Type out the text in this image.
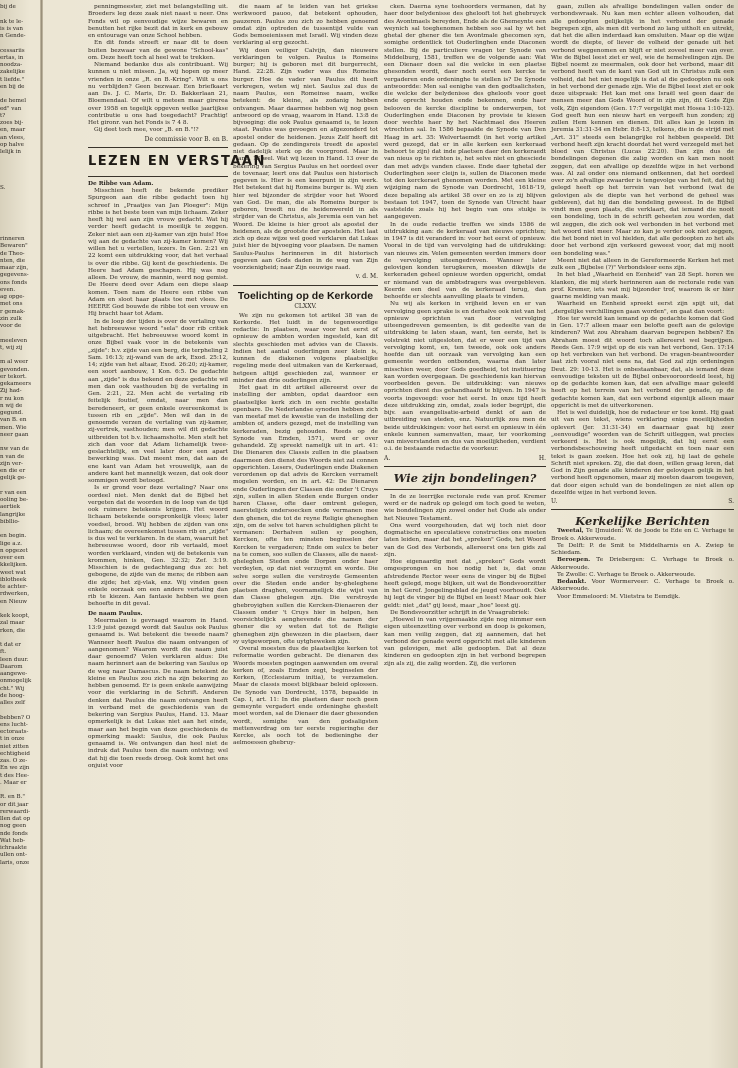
bij de

nk te le-

is is van

n Gende-

cessariis

ertas, in

noodza-

zakelijke

t liefde."

en bij de

de hemel

ed" van

t?

zoes bij-

en, maar

an vlees,

op halve

lelijk in

S.

rinneren

Bewaren"

de Theo-

nten, die

maar zijn,

gegevens-

ons fonds

even.

ag opge-

met ons

r gemak-

zin zulk

voor de

meeleven

t, wij zij

m al weer

gevonden.

er tekort.

gekameers

Zij had-

r nu kon

n wij de

gegund.

van B. en

men. Wie

neer gaan

nw van de

n van de

zijn ver-

en die er

gelijk ge-

r van een

ooling be-

aertiek

langrijke

bibllio-

en begin.

lige a.z.

n opgezet

over een

kkelijken.

weet wat

iblotheek

te achter-

rdwerken,

en Nieuw

kek koopt,

zal maar

rken, die

t dat er

ft.

leen duur.

Daarom

aangewe-

onmogelijk

cht." Wij

de hoog-

alles zelf

bebben? O

ens lucht-

ectoraats-

t in onze

niet zitten

echtigheid

zas. O ze-

En we zijn

t des Hee-

. Maar er

R. en B."

or dit jaar

rerwaardi-

llen dat op

nog geen

nde fonds

Wat heb-

ichraakte

ullen ont-

laris, onze

penningmeester, ziet met belangstelling uit. Broeders leg deze zaak niet naast u neer. Ons Fonds wil op eenvoudige wijze bewaren en benutten het rijke bezit dat in kerk en gebouw en entourage van onze School hebben.

En dit fonds streeft er naar dit te doen buiten bezwaar van de gewone "School-kas" om. Deze heeft toch al heel wat te trekken.

Niemand bedanke dus als contribuant. Wij kunnen u niet missen. Ja, wij hopen op meer vrienden in onze „R. en B.-Kring". Wilt u ons nu verblijden? Geen bezwaar. Een briefkaart aan Ds. J. C. Maris, Dr. D. Bakkerlaan 21, Bloemendaal. Of wilt u meteen maar girerea over 1958 en tegelijk opgeven welke jaarlijkse contributie u ons had toegedacht? Prachtig! Het gironr. van het Fonds is 7 4 8.

Gij deet toch mee, voor „B. en B."!?

De commissie voor B. en B.
LEZEN EN VERSTAAN

De Ribbe van Adam.

Misschien heeft de bekende prediker Spurgeon aan die ribbe gedacht toen hij schreef in „Praatjes van Jan Ploeger": Mijn ribbe is het beste teen van mijn lichaam. Zeker heeft hij wel aan zijn vrouw gedacht. Wat hij verder heeft gedacht is moeilijk te zeggen. Zeker niet aan een zij-kamer van zijn huis! Hoe wij aan de gedachte van zij-kamer komen? Wij willen het u vertellen, lezers. In Gen. 2:21 en 22 komt een uitdrukking voor, dat het verhaal is over die ribbe. Gij kent de geschiedenis. De Heere had Adam geschapen. Hij was nog alleen. De vrouw, de mannin, werd nog gemist. De Heere deed over Adam een diepe slaap komen. Toen nam de Heere een ribbe van Adam en sloot haar plaats toe met vlees. De HEERE God bouwde de ribbe tot een vrouw en Hij bracht haar tot Adam.

In de loop der tijden is over de vertaling van het hebreeuwse woord "sela" door rib critiek uitgebracht. Het hebreeuwse woord komt in onze Bijbel vaak voor in de betekenis van „zijde": b.v. zijde van een berg, die terpheling 2 Sam. 16:13; zij-wand van de ark, Exod. 25:12, 14; zijde van het altaar, Exod. 26:20; zij-kamer, een soort aanbouw, 1 Kon. 6:5. De gedachte aan „zijde" is dus bekend en deze gedachte wil men dan ook vasthouden bij de vertaling in Gen. 2:21, 22. Men acht de vertaling rib feitelijk foutief, omdat, naar men dan beredeneert, er geen enkele overeenkomst is tussen rib en „zijde". Men wil dan in de genoemde verzen de vertaling van zij-kamer, zij-vertrek, vasthouden; men wil dit gedachte uitbreiden tot b.v. lichaamsholte. Men stelt het zich dan voor dat Adam lichamelijk twee-geslachtelijk, en veel later door een apart bewerking was. Dat meent men, dat aan de ene kant van Adam het vrouwelijk, aan de andere kant het mannelijk wezen, dat ook door sommigen wordt betoogd.

Is er grond voor deze vertaling? Naar ons oordeel niet. Men denkt dat de Bijbel het vergeten dat de woorden in de loop van de tijd ook ruimere betekenis krijgen. Het woord lichaam betekende oorspronkelijk vlees; later voedsel, brood. Wij hebben de zijden van ons lichaam; de overeenkomst tussen rib en „zijde" is dus wel te verklaren. In de stam, waaruit het hebreeuwse woord, door rib vertaald, moet worden verklaard, vinden wij de betekenis van krommen, hinken, Gen. 32:32; Zef. 3:19. Misschien is de gedachtegang dus zo: het gebogene, de zijde van de mens; de ribben aan die zijde; het zij-vlak, enz. Wij vinden geen enkele oorzaak om een andere vertaling dan rib te kiezen. Aan fantasie hebben we geen behoefte in dit geval.

De naam Paulus.

Meermalen is gevraagd waarom in Hand. 13:9 juist gezegd wordt dat Saulus ook Paulus genaamd is. Wat betekent die tweede naam? Wanneer heeft Paulus die naam ontvangen of aangenomen? Waarom wordt die naam juist daar genoemd? Velen verklaren aldus: Die naam herinnert aan de bekering van Saulus op de weg naar Damascus. De naam betekent de kleine en Paulus zou zich na zijn bekering zo hebben genoemd. Er is geen enkele aanwijzing voor die verklaring in de Schrift. Anderen denken dat Paulus die naam ontvangen heeft in verband met de geschiedenis van de bekering van Sergius Paulus, Hand. 13. Maar opmerkelijk is dat Lukas niet aan het einde, maar aan het begin van deze geschiedenis de opmerking maakt: Saulus, die ook Paulus genaamd is. We ontvangen dan heel niet de indruk dat Paulus toen die naam ontving; wel dat hij die toen reeds droeg. Ook komt het ons onjuist voor

die naam af te leiden van het griekse werkwoord pauoo, dat betekent ophouden, pauzeren. Paulus zou zich zo hebben genoemd omdat zijn optreden de tussentijd vulde van Gods bemoeienissen met Israël. Wij vinden deze verklaring al erg gezocht.

Wij doen veiliger Calvijn, dan nieuwere verklaringen te volgen. Paulus is Romeins burger; hij is geboren met dit burgerrecht, Hand. 22:28. Zijn vader was dus Romeins burger. Hoe de vader van Paulus dit heeft verkregen, weten wij niet. Saulus zal dus de naam Paulus, een Romeinse naam, welke betekent: de kleine, als zodanig hebben ontvangen. Maar daarmee hebben wij nog geen antwoord op de vraag, waarom in Hand. 13:8 de bijvoeging: die ook Paulus genaamd is, te lezen staat. Paulus was gevoegen en afgezonderd tot apostel onder de heidenen. Jezus Zelf heeft dit gedaan. Op de zendingsreis treedt de apostel niet dadelijk sterk op de voorgrond. Maar in Hand. 13 wel. Wat wij lezen in Hand. 13 over de bekering van Sergius Paulus en het oordeel over de tovenaar, leert ons dat Paulus een historisch gegeven is. Hier is een keerpunt in zijn werk. Het betekent dat hij Romeins burger is. Wij zien hier wel bijzonder de strijder voor het Woord van God. De man, die als Romeins burger is geboren, treedt nu de heidenwereld in als strijder van de Christus, als Jeremia een van het Woord. De kleine is hier groot als apostel der heidenen, als de grootste der apostelen. Het laat zich op deze wijze wel goed verklaren dat Lukas juist hier de bijvoeging voor plaatsen. De namen Saulus-Paulus herinneren in dit historisch gegeven aan Gods daden in de weg van Zijn voorzienigheid; naar Zijn eeuwige raad.

v. d. M.
Toelichting op de Kerkorde
CLXXV.

We zijn nu gekomen tot artikel 38 van de Kerkorde. Het luidt in de tegenwoordige redactie: In plaatsen, waar voor het eerst of opnieuw de ambten worden ingesteld, kan dit slechts geschieden met advies van de Classis. Indien het aantal ouderlingen zeer klein is, kunnen de diakenen volgens plaatselijke regeling mede deel uitmaken van de Kerkeraad, hetgeen altijd geschieden zal, wanneer er minder dan drie ouderlingen zijn.

Het gaat in dit artikel allereerst over de instelling der ambten, opdat daardoor een plaatselijke kerk zich in een rechte gestalte openbare. De Nederlandse synoden hebben zich van meetaf met de kwestie van de instelling der ambten of, anders gezegd, met de instelling van kerkeraden, bezig gehouden. Reeds op de Synode van Emden, 1571, werd er over gehandeld. Zij spreekt namelijk uit in art. 41: Die Dienaren des Classis zullen in die plaatsen daarmeen den dienst des Woords niet zal connen opgerichten. Lesers, Ouderlingen ende Diakenen verordenen op dat advis de Kercken verramelt mogelen worden, en in art. 42: De Dienaren ende Ouderlingen der Classen die onder 't Cruys zijn, sullen in allen Steden ende Burgen onder haren Classe, ofte daer omtrent gelegen, naerstelijck ondersoecken ende vermanen mee den ghenen, die tot de reyne Religie gheneghen zijn, om de selve tot haren schuldighen plicht te vermanen: Derhalven sullen sy pooghen, Kercken, ofte ten minsten beginselen der Kercken te vergaderen; Ende om sulcx te beter na te comen, soo sullen de Classes, alle de naest-gheleghen Steden ende Dorpen onder haer verdeylen, op dat niet verzuymt en worde. Die selve sorge sullen die verstroyde Gemeenten over die Steden ende ander by-gheleghene plaetsen draghen, voornamelijck die wijst van dan Classe ghelegen zijn. Die verstroyde ghebroyighen sullen die Kercken-Dienaeren der Classen onder 't Cruys hier in helpen, hen voorsichtelijck aenghevende die namen der ghener die sy weten dat tot de Religie gheneghen zijn ghewezen in die plaetsen, daer sy uytgeworpen, ofte uytgheweken zijn.

Overal moesten dus de plaatselijke kerken tot reformatie worden gebracht. De dienaren des Woords moesten pogingen aanwenden om overal kerken of, zoals Emden zegt, beginselen der Kerken, (Ecclesiarum initia), te verzamelen. Maar de classis moest blijkbaar beleid oplossen. De Synode van Dordrecht, 1578, bepaalde in Cap. I, art. 11: In die plaetsen daer noch geen gemeynte vergadert ende ordeninghe ghestelt moet worden, sal de Dienaer die daer ghesonden wordt, somighe van den godsaligsten mettenverdrag om ter eerste regieringhe der Kercke, als ooch tot de bedieninghe der aelmoessen ghebruy-

cken. Daerna syne toehoorders vermanen, dat hy haer door belydenisse des ghelooft tot het ghebruyck des Avontmaels bereyden, Ende als de Ghemeynte een weynich sal toeghenomen hebben soo sal hy wt het ghetal der ghener die ten Avontmale ghecomen syn, somighe ordentlick tot Ouderlinghen ende Diaconen stellen. Bij de particuliere vragen ter Synode van Middelburg, 1581, treffen we de volgende aan: Wat een Dienaer doen sal die welcke in een plaetse ghesonden wordt, daer noch eerst een kercke te vergaderen ende ordeninghe te stellen is? De Synode antwoordde: Men sal eenighe van den godtsalichsten, die welcke der belydenisse des gheloofs voor goet ende oprecht houden ende bekennen, ende haer belooven de kercke discipline te onderwerpen, tot Ouderlinghen ende Diaconen by provisie te kiesen door wechte haer hy het Nachtmael des Heeren wtrechten sal. In 1586 bepaalde de Synode van Den Haag in art. 35: Welvertaemdt (in het vorig artikel werd gezegd, dat er in alle kerken een kerkeraad behoort te zijn) dat inde plaetsen daer den kerkeraedt van nieus op te richten is, het selve niet en ghesciede dan met advijs vanden classe. Ende daer tghetal der Ouderlinghen seer cleijn is, sullen de Diaconen mede tot den kerckeraet ghenomen worden. Met een kleine wijziging nam de Synode van Dordrecht, 1618-'19, deze bepaling als artikel 38 over en zo is zij blijven bestaan tot 1947, toen de Synode van Utrecht haar vaststelde zoals hij het begin van ons stukje is aangegeven.

In de oude redactie treffen we sinds 1586 de uitdrukking aan: de kerkeraad van nieuws oprichten; in 1947 is dit veranderd in: voor het eerst of opnieuw. Vooral in de tijd van vervolging had de uitdrukking: van nieuws zin. Velen gemeenten werden immers door de vervolging uiteengedreven. Wanneer later gelovigen konden terugkeren, moesten dikwijls de kerkeraden geheel opnieuw worden opgericht, omdat er niemand van de ambtsdragers was overgebleven. Keerde een deel van de kerkeraad terug, dan behoefde er slechts aanvulling plaats te vinden.

Nu wij als kerken in vrijheid leven en er van vervolging geen sprake is en derhalve ook niet van het opnieuw oprichten van door vervolging uiteengedreven gemeenten, is dit gedeelte van de uitdrukking te laten staan, want, ten eerste, het is volstrekt niet uitgesloten, dat er weer een tijd van vervolging komt, en, ten tweede, ook ook anders hoefde dan uit oorzaak van vervolging kan een gemeente worden ontbonden, waarna dan later misschien weer, door Gods goedheid, tot instituering kan worden overgegaan. De geschiedenis kan hiervan voorbeelden geven. De uitdrukking: van nieuws oprichten dient dus gehandhaafd te blijven. In 1947 is voorts ingevoegd: voor het eerst. In onze tijd heeft deze uitdrukking zin, omdat, zoals ieder begrijpt, die bijv. aan evangelisatie-arbeid denkt of aan de uitbreiding van steden, enz. Natuurlijk zou men de beide uitdrukkingen: voor het eerst en opnieuw in één enkele kunnen samenvatten, maar, ter voorkoming van misverstanden en dus van moeilijkheden, verdient o.i. de bestaande redactie de voorkeur.

A.	H.
Wie zijn bondelingen?

In de ze leerrijke rectorale rede van prof. Kremer werd er de nadruk op gelegd om toch goed te weten, wie bondelingen zijn zowel onder het Oude als onder het Nieuwe Testament.

Ons werd voorgehouden, dat wij toch niet door dogmatische en speculatieve constructies ons moeten laten leiden, maar dat het „spreken" Gods, het Woord van de God des Verbonds, allereerst ons ten gids zal zijn.

Hoe eigenaardig met dat „spreken" Gods wordt omgesprongen en hoe nodig het is, dat onze afstredende Rector weer eens de vinger bij de Bijbel heeft gelegd, moge blijken, uit wat de Bondsvoorzitter in het Geref. Jongelingsblad de jeugd voorhoudt. Ook hij legt de vinger bij de Bijbel en leest! Maar ook hier geldt: niet „dat" gij leest, maar „hoe" leest gij.

De Bondsvoorzitter schrijft in de Vraagrubriek:

„Hoewel in van vrijgemaakte zijde nog nimmer een eigen uiteenzetting over verbond en doop is gekomen, kan men veilig zeggen, dat zij aannemen, dat het verbond der genade werd opgericht met alle kinderen van gelovigen, met alle gedoopten. Dat al deze kinderen en gedoopten zijn in het verbond begrepen zijn als zij, die zalig worden. Zij, die verloren

gaan, zullen als afvallige bondelingen vallen onder de verbondswraak. Nu kan men echter alleen volhouden, dat alle gedoopten gelijkelijk in het verbond der genade begrepen zijn, als men dit verbond zo lang uitholt en uitrekt, dat het die allen inderdaad kan omsluiten. Maar op die wijze wordt de diepte, of liever de volheid der genade uit het verbond weggenomen en blijft er niet zoveel meer van over. Wie de Bijbel leest ziet er wel, wie de hemelvelingen zijn. De Bijbel noemt ze meermalen, ook door het verbond, maar dit verbond heeft van de kant van God uit in Christus zulk een volheid, dat het niet mogelijk is dat al die gedoopten nu ook in het verbond der genade zijn. Wie de Bijbel leest ziet er ook deze uitspraak: Het kan met ons Israël wel geen daar de mensen meer dan Gods Woord of in zijn zijn, dit Gods Zijn volk, Zijn eigendom (Gen. 17:7 vergelijkt met Hosea 1:10-12). God geeft hun een nieuw hart en vergeeft hun zonden; zij zullen Hem kennen en dienen. Dit alles kan je lezen in Jeremia 31:31-34 en Hebr. 8:8-13, telkens, die in de strijd met „Art. 31" steeds een belangrijke rol hebben gespeeld. Dit verbond heeft zijn kracht doordat het werd verzegeld met het bloed van Christus (Lucas 22:20). Dan zijn dus de bondelingen degenen die zalig worden en kan men nooit zeggen, dat een afvallige op dezelfde wijze in het verbond was. Al zal onder ons niemand ontkennen, dat het oordeel over zo'n afvallige zwaarder is tengevolge van het feit, dat hij gelegd heeft op het terrein van het verbond (wat de gelovigen als de diepte van het verbond de geheel was gebleven), dat hij dan die bondeling geweest. In de Bijbel vindt men geen plaats, die verklaart, dat iemand die nooit een bondeling, toch in de schrift geheeten zou worden, dat wil zeggen, die zich ook wel verbonden in het verbond met het woord niet meer. Maar zo kan je verder ook niet zeggen, die het bond niet in vol hielden, dat alle gedoopten zo het als door het verbond zijn verkeerd geweest voor, dat mij nooit een bondeling was."

Meent niet dat alleen in de Gereformeerde Kerken het met zulk een „Bijbelse (?)" Verbondsleer eens zijn.

In het blad „Waarheid en Eenheid" van 28 Sept. horen we klanken, die mij sterk herinneren aan de rectorale rede van prof. Kremer, iets wat mij bijzonder trof, waarom ik er hier gaarne melding van maak.

Waarheid en Eenheid spreekt eerst zijn spijt uit, dat „dergelijke verchillingen gaan worden", en gaat dan voort:

Hoe ter wereld kan iemand op de gedachte komen dat God in Gen. 17:7 alleen maar een belofte geeft aan de gelovige kinderen? Wat zou Abraham daarvan begrepen hebben? En Abraham moest dit woord toch allereerst wel begrijpen. Reeds Gen. 17:9 wijst op de eis van het verbond, Gen. 17:14 op het verbreken van het verbond. De vragen-beantwoorder laat zich vooral niet eens na, dat God zal zijn ordeningen Deut. 29: 10-13. Het is onbestaanbaar, dat, als iemand deze eenvoudige teksten uit de Bijbel onbevooroordeeld leest, hij op de gedachte komen kan, dat een afvallige maar geleefd heeft op het terrein van het verbond der genade, op de gedachte komen kan, dat een verbond eigenlijk alleen maar opgericht is met de uitverkorenen.

Het is wel duidelijk, hoe de redacteur er toe komt. Hij gaat uit van een tekst, wiens verklaring enige moeilijkheden oplevert (Jer. 31:31-34) en daarnaar gaat hij zeer „eenvoudige" woorden van de Schrift uitleggen, wat precies verkeerd is. Het is ook mogelijk, dat hij eerst een verbondsbeschouwing heeft uitgedacht en toen naar een tekst is gaan zoeken. Hoe het ook zij, hij laat de gehele Schrift niet spreken. Zij, die dat doen, willen graag leren, dat God in Zijn genade alle kinderen der gelovigen gelijk in het verbond heeft opgenomen, maar zij moeten daarom toegeven, dat door eigen schuld van de bondelingen ze niet allen op dezelfde wijze in het verbond leven.

U.	S.
Kerkelijke Berichten

Tweetal, Te IJmuiden: W. de Joode te Ede en C. Verhage te Broek o. Akkerwoude.

Te Delft: P. de Smit te Middelharnis en A. Zwiep te Schiedam.

Beroepen. Te Driebergen: C. Verhage te Broek o. Akkerwoude.

Te Zwolle: C. Verhage te Broek o. Akkerwoude.

Bedankt. Voor Wormerveer: C. Verhage te Broek o. Akkerwoude.

Voor Emmeloord: M. Vlietstra te Eemdijk.
